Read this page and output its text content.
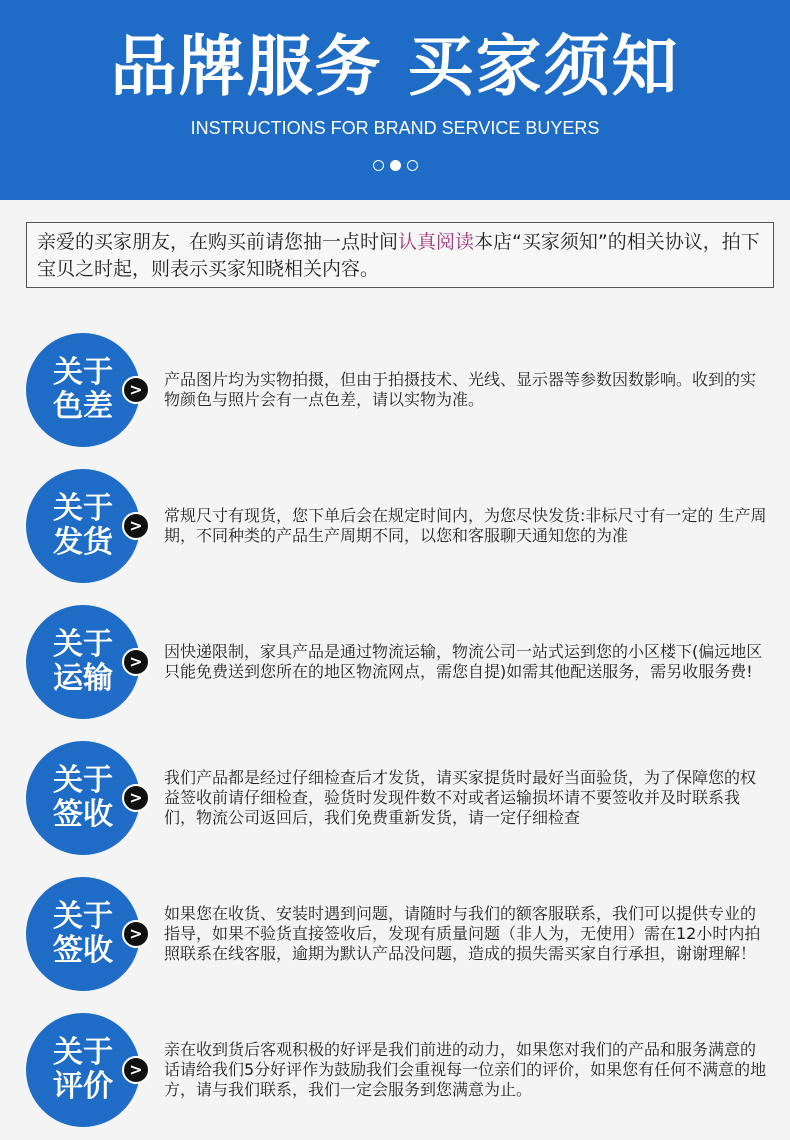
品牌服务 买家须知
INSTRUCTIONS FOR BRAND SERVICE BUYERS
亲爱的买家朋友，在购买前请您抽一点时间认真阅读本店“买家须知”的相关协议，拍下宝贝之时起，则表示买家知晓相关内容。
关于
色差	>
产品图片均为实物拍摄，但由于拍摄技术、光线、显示器等参数因数影响。收到的实物颜色与照片会有一点色差，请以实物为准。
关于
发货	>
常规尺寸有现货，您下单后会在规定时间内，为您尽快发货:非标尺寸有一定的 生产周期，不同种类的产品生产周期不同，以您和客服聊天通知您的为准
关于
运输	>
因快递限制，家具产品是通过物流运输，物流公司一站式运到您的小区楼下(偏远地区只能免费送到您所在的地区物流网点，需您自提)如需其他配送服务，需另收服务费!
关于
签收	>
我们产品都是经过仔细检查后才发货，请买家提货时最好当面验货，为了保障您的权益签收前请仔细检查，验货时发现件数不对或者运输损坏请不要签收并及时联系我们，物流公司返回后，我们免费重新发货，请一定仔细检查
关于
签收	>
如果您在收货、安装时遇到问题，请随时与我们的额客服联系，我们可以提供专业的指导，如果不验货直接签收后，发现有质量问题（非人为，无使用）需在12小时内拍照联系在线客服，逾期为默认产品没问题，造成的损失需买家自行承担，谢谢理解！
关于
评价	>
亲在收到货后客观积极的好评是我们前进的动力，如果您对我们的产品和服务满意的话请给我们5分好评作为鼓励我们会重视每一位亲们的评价，如果您有任何不满意的地方，请与我们联系，我们一定会服务到您满意为止。
